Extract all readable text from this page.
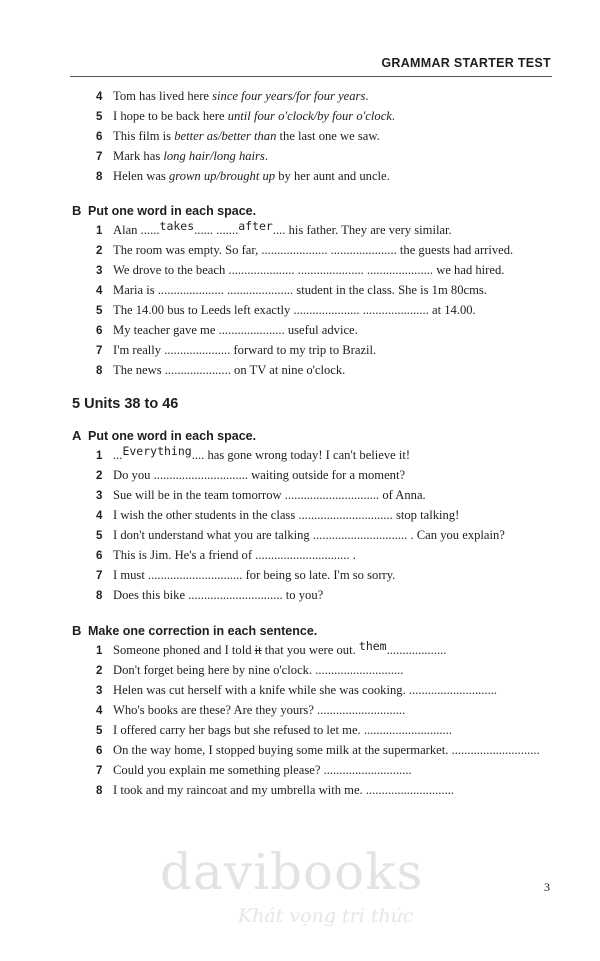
GRAMMAR STARTER TEST
4 Tom has lived here since four years/for four years.
5 I hope to be back here until four o'clock/by four o'clock.
6 This film is better as/better than the last one we saw.
7 Mark has long hair/long hairs.
8 Helen was grown up/brought up by her aunt and uncle.
B Put one word in each space.
1 Alan ......takes...... .......after.... his father. They are very similar.
2 The room was empty. So far, ..................... ..................... the guests had arrived.
3 We drove to the beach ..................... ..................... ..................... we had hired.
4 Maria is ..................... ..................... student in the class. She is 1m 80cms.
5 The 14.00 bus to Leeds left exactly ..................... ..................... at 14.00.
6 My teacher gave me ..................... useful advice.
7 I'm really ..................... forward to my trip to Brazil.
8 The news ..................... on TV at nine o'clock.
5 Units 38 to 46
A Put one word in each space.
1 ...Everything.... has gone wrong today! I can't believe it!
2 Do you .............................. waiting outside for a moment?
3 Sue will be in the team tomorrow .............................. of Anna.
4 I wish the other students in the class .............................. stop talking!
5 I don't understand what you are talking .............................. . Can you explain?
6 This is Jim. He's a friend of .............................. .
7 I must .............................. for being so late. I'm so sorry.
8 Does this bike .............................. to you?
B Make one correction in each sentence.
1 Someone phoned and I told it that you were out. them...................
2 Don't forget being here by nine o'clock. ............................
3 Helen was cut herself with a knife while she was cooking. ............................
4 Who's books are these? Are they yours? ............................
5 I offered carry her bags but she refused to let me. ............................
6 On the way home, I stopped buying some milk at the supermarket. ............................
7 Could you explain me something please? ............................
8 I took and my raincoat and my umbrella with me. ............................
davibooks
Khát vọng tri thức
3
